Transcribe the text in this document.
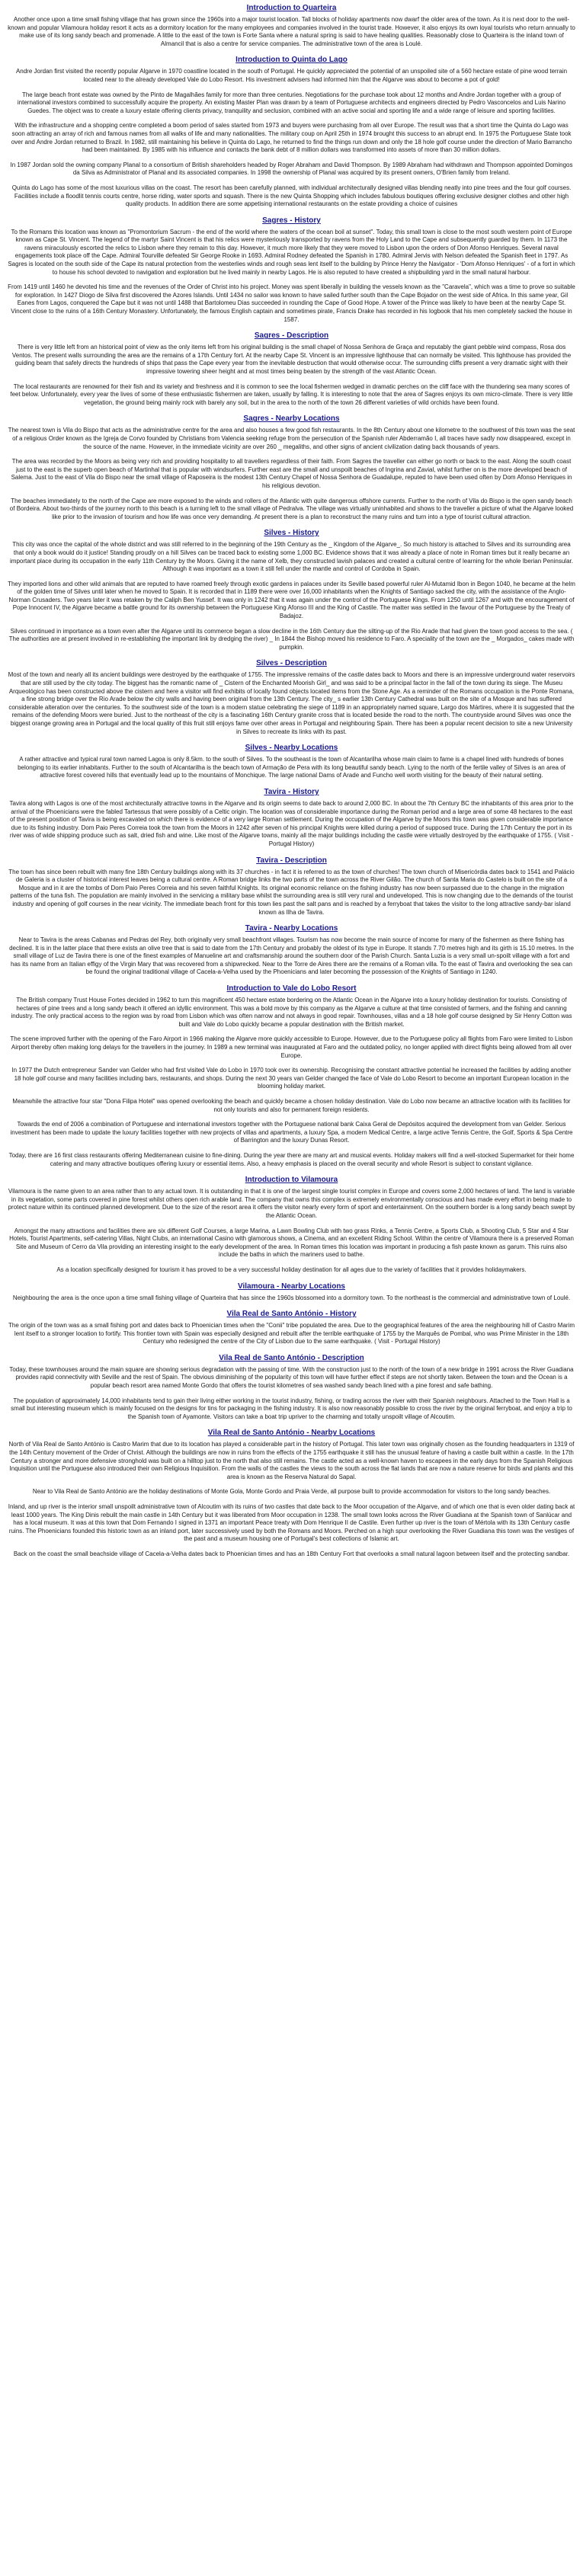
Introduction to Quarteira
Another once upon a time small fishing village that has grown since the 1960s into a major tourist location. Tall blocks of holiday apartments now dwarf the older area of the town. As it is next door to the well-known and popular Vilamoura holiday resort it acts as a dormitory location for the many employees and companies involved in the tourist trade. However, it also enjoys its own loyal tourists who return annually to make use of its long sandy beach and promenade. A little to the east of the town is Forte Santa where a natural spring is said to have healing qualities. Reasonably close to Quarteira is the inland town of Almancil that is also a centre for service companies. The administrative town of the area is Loulé.
Introduction to Quinta do Lago
Andre Jordan first visited the recently popular Algarve in 1970 coastline located in the south of Portugal. He quickly appreciated the potential of an unspoiled site of a 560 hectare estate of pine wood terrain located near to the already developed Vale do Lobo Resort. His investment advisers had informed him that the Algarve was about to become a pot of gold!
The large beach front estate was owned by the Pinto de Magalhães family for more than three centuries. Negotiations for the purchase took about 12 months and Andre Jordan together with a group of international investors combined to successfully acquire the property. An existing Master Plan was drawn by a team of Portuguese architects and engineers directed by Pedro Vasconcelos and Luis Narino Guedes. The object was to create a luxury estate offering clients privacy, tranquility and seclusion, combined with an active social and sporting life and a wide range of leisure and sporting facilities.
With the infrastructure and a shopping centre completed a boom period of sales started from 1973 and buyers were purchasing from all over Europe. The result was that a short time the Quinta do Lago was soon attracting an array of rich and famous names from all walks of life and many nationalities. The military coup on April 25th in 1974 brought this success to an abrupt end. In 1975 the Portuguese State took over and Andre Jordan returned to Brazil. In 1982, still maintaining his believe in Quinta do Lago, he returned to find the things run down and only the 18 hole golf course under the direction of Mario Barrancho had been maintained. By 1985 with his influence and contacts the bank debt of 8 million dollars was transformed into assets of more than 30 million dollars.
In 1987 Jordan sold the owning company Planal to a consortium of British shareholders headed by Roger Abraham and David Thompson. By 1989 Abraham had withdrawn and Thompson appointed Domingos da Silva as Administrator of Planal and its associated companies. In 1998 the ownership of Planal was acquired by its present owners, O'Brien family from Ireland.
Quinta do Lago has some of the most luxurious villas on the coast. The resort has been carefully planned, with individual architecturally designed villas blending neatly into pine trees and the four golf courses. Facilities include a floodlit tennis courts centre, horse riding, water sports and squash. There is the new Quinta Shopping which includes fabulous boutiques offering exclusive designer clothes and other high quality products. In addition there are some appetising international restaurants on the estate providing a choice of cuisines
Sagres - History
To the Romans this location was known as "Promontorium Sacrum - the end of the world where the waters of the ocean boil at sunset". Today, this small town is close to the most south western point of Europe known as Cape St. Vincent. The legend of the martyr Saint Vincent is that his relics were mysteriously transported by ravens from the Holy Land to the Cape and subsequently guarded by them. In 1173 the ravens miraculously escorted the relics to Lisbon where they remain to this day. However, it much more likely that they were moved to Lisbon upon the orders of Don Afonso Henriques. Several naval engagements took place off the Cape. Admiral Tourville defeated Sir George Rooke in 1693. Admiral Rodney defeated the Spanish in 1780. Admiral Jervis with Nelson defeated the Spanish fleet in 1797. As Sagres is located on the south side of the Cape its natural protection from the westerlies winds and rough seas lent itself to the building by Prince Henry the Navigator - 'Dom Afonso Henriques' - of a fort in which to house his school devoted to navigation and exploration but he lived mainly in nearby Lagos. He is also reputed to have created a shipbuilding yard in the small natural harbour.
From 1419 until 1460 he devoted his time and the revenues of the Order of Christ into his project. Money was spent liberally in building the vessels known as the "Caravela", which was a time to prove so suitable for exploration. In 1427 Diogo de Silva first discovered the Azores Islands. Until 1434 no sailor was known to have sailed further south than the Cape Bojador on the west side of Africa. In this same year, Gil Eanes from Lagos, conquered the Cape but it was not until 1488 that Bartolomeu Dias succeeded in rounding the Cape of Good Hope. A tower of the Prince was likely to have been at the nearby Cape St. Vincent close to the ruins of a 16th Century Monastery. Unfortunately, the famous English captain and sometimes pirate, Francis Drake has recorded in his logbook that his men completely sacked the house in 1587.
Sagres - Description
There is very little left from an historical point of view as the only items left from his original building is the small chapel of Nossa Senhora de Graça and reputably the giant pebble wind compass, Rosa dos Ventos. The present walls surrounding the area are the remains of a 17th Century fort. At the nearby Cape St. Vincent is an impressive lighthouse that can normally be visited. This lighthouse has provided the guiding beam that safely directs the hundreds of ships that pass the Cape every year from the inevitable destruction that would otherwise occur. The surrounding cliffs present a very dramatic sight with their impressive towering sheer height and at most times being beaten by the strength of the vast Atlantic Ocean.
The local restaurants are renowned for their fish and its variety and freshness and it is common to see the local fishermen wedged in dramatic perches on the cliff face with the thundering sea many scores of feet below. Unfortunately, every year the lives of some of these enthusiastic fishermen are taken, usually by falling. It is interesting to note that the area of Sagres enjoys its own micro-climate. There is very little vegetation, the ground being mainly rock with barely any soil, but in the area to the north of the town 26 different varieties of wild orchids have been found.
Sagres - Nearby Locations
The nearest town is Vila do Bispo that acts as the administrative centre for the area and also houses a few good fish restaurants. In the 8th Century about one kilometre to the southwest of this town was the seat of a religious Order known as the Igreja de Corvo founded by Christians from Valencia seeking refuge from the persecution of the Spanish ruler Abderramão I, all traces have sadly now disappeared, except in the source of the name. However, in the immediate vicinity are over 260 _ megaliths, and other signs of ancient civilization dating back thousands of years.
The area was recorded by the Moors as being very rich and providing hospitality to all travellers regardless of their faith. From Sagres the traveller can either go north or back to the east. Along the south coast just to the east is the superb open beach of Martinhal that is popular with windsurfers. Further east are the small and unspoilt beaches of Ingrina and Zavial, whilst further on is the more developed beach of Salema. Just to the east of Vila do Bispo near the small village of Raposeira is the modest 13th Century Chapel of Nossa Senhora de Guadalupe, reputed to have been used often by Dom Afonso Henriques in his religious devotion.
The beaches immediately to the north of the Cape are more exposed to the winds and rollers of the Atlantic with quite dangerous offshore currents. Further to the north of Vila do Bispo is the open sandy beach of Bordeira. About two-thirds of the journey north to this beach is a turning left to the small village of Pedralva. The village was virtually uninhabited and shows to the traveller a picture of what the Algarve looked like prior to the invasion of tourism and how life was once very demanding. At present there is a plan to reconstruct the many ruins and turn into a type of tourist cultural attraction.
Silves - History
This city was once the capital of the whole district and was still referred to in the beginning of the 19th Century as the _ Kingdom of the Algarve_. So much history is attached to Silves and its surrounding area that only a book would do it justice! Standing proudly on a hill Silves can be traced back to existing some 1,000 BC. Evidence shows that it was already a place of note in Roman times but it really became an important place during its occupation in the early 11th Century by the Moors. Giving it the name of Xelb, they constructed lavish palaces and created a cultural centre of learning for the whole Iberian Peninsular. Although it was important as a town it still fell under the mantle and control of Cordoba in Spain.
They imported lions and other wild animals that are reputed to have roamed freely through exotic gardens in palaces under its Seville based powerful ruler Al-Mutamid Ibon in Begon 1040, he became at the helm of the golden time of Silves until later when he moved to Spain. It is recorded that in 1189 there were over 16,000 inhabitants when the Knights of Santiago sacked the city, with the assistance of the Anglo-Norman Crusaders. Two years later it was retaken by the Caliph Ben Yussef. It was only in 1242 that it was again under the control of the Portuguese Kings. From 1250 until 1267 and with the encouragement of Pope Innocent IV, the Algarve became a battle ground for its ownership between the Portuguese King Afonso III and the King of Castile. The matter was settled in the favour of the Portuguese by the Treaty of Badajoz.
Silves continued in importance as a town even after the Algarve until its commerce began a slow decline in the 16th Century due the silting-up of the Rio Arade that had given the town good access to the sea. ( The authorities are at present involved in re-establishing the important link by dredging the river) _ In 1844 the Bishop moved his residence to Faro. A speciality of the town are the _ Morgados_ cakes made with pumpkin.
Silves - Description
Most of the town and nearly all its ancient buildings were destroyed by the earthquake of 1755. The impressive remains of the castle dates back to Moors and there is an impressive underground water reservoirs that are still used by the city today. The biggest has the romantic name of _ Cistern of the Enchanted Moorish Girl_ and was said to be a principal factor in the fall of the town during its siege. The Museu Arqueológico has been constructed above the cistern and here a visitor will find exhibits of locally found objects located items from the Stone Age. As a reminder of the Romans occupation is the Ponte Romana, a fine strong bridge over the Rio Arade below the city walls and having been original from the 13th Century. The city_ s earlier 13th Century Cathedral was built on the site of a Mosque and has suffered considerable alteration over the centuries. To the southwest side of the town is a modern statue celebrating the siege of 1189 in an appropriately named square, Largo dos Mártires, where it is suggested that the remains of the defending Moors were buried. Just to the northeast of the city is a fascinating 16th Century granite cross that is located beside the road to the north. The countryside around Silves was once the biggest orange growing area in Portugal and the local quality of this fruit still enjoys fame over other areas in Portugal and neighbouring Spain. There has been a popular recent decision to site a new University in Silves to recreate its links with its past.
Silves - Nearby Locations
A rather attractive and typical rural town named Lagoa is only 8.5km. to the south of Silves. To the southeast is the town of Alcantarilha whose main claim to fame is a chapel lined with hundreds of bones belonging to its earlier inhabitants. Further to the south of Alcantarilha is the beach town of Armação de Pera with its long beautiful sandy beach. Lying to the north of the fertile valley of Silves is an area of attractive forest covered hills that eventually lead up to the mountains of Monchique. The large national Dams of Arade and Funcho well worth visiting for the beauty of their natural setting.
Tavira - History
Tavira along with Lagos is one of the most architecturally attractive towns in the Algarve and its origin seems to date back to around 2,000 BC. In about the 7th Century BC the inhabitants of this area prior to the arrival of the Phoenicians were the fabled Tartessus that were possibly of a Celtic origin. The location was of considerable importance during the Roman period and a large area of some 48 hectares to the east of the present position of Tavira is being excavated on which there is evidence of a very large Roman settlement. During the occupation of the Algarve by the Moors this town was given considerable importance due to its fishing industry. Dom Paio Peres Correia took the town from the Moors in 1242 after seven of his principal Knights were killed during a period of supposed truce. During the 17th Century the port in its river was of wide shipping produce such as salt, dried fish and wine. Like most of the Algarve towns, mainly all the major buildings including the castle were virtually destroyed by the earthquake of 1755. ( Visit - Portugal History)
Tavira - Description
The town has since been rebuilt with many fine 18th Century buildings along with its 37 churches - in fact it is referred to as the town of churches! The town church of Misericórdia dates back to 1541 and Palácio de Galeria is a cluster of historical interest leaves being a cultural centre. A Roman bridge links the two parts of the town across the River Gilão. The church of Santa Maria do Castelo is built on the site of a Mosque and in it are the tombs of Dom Paio Peres Correia and his seven faithful Knights. Its original economic reliance on the fishing industry has now been surpassed due to the change in the migration patterns of the tuna fish. The population are mainly involved in the servicing a military base whilst the surrounding area is still very rural and undeveloped. This is now changing due to the demands of the tourist industry and opening of golf courses in the near vicinity. The immediate beach front for this town lies past the salt pans and is reached by a ferryboat that takes the visitor to the long attractive sandy-bar island known as Ilha de Tavira.
Tavira - Nearby Locations
Near to Tavira is the areas Cabanas and Pedras del Rey, both originally very small beachfront villages. Tourism has now become the main source of income for many of the fishermen as there fishing has declined. It is in the latter place that there exists an olive tree that is said to date from the 17th Century and probably the oldest of its type in Europe. It stands 7.70 metres high and its girth is 15.10 metres. In the small village of Luz de Tavira there is one of the finest examples of Manueline art and craftsmanship around the southern door of the Parish Church. Santa Luzia is a very small un-spoilt village with a fort and has its name from an Italian effigy of the Virgin Mary that was recovered from a shipwrecked. Near to the Torre de Aires there are the remains of a Roman villa. To the east of Tavira and overlooking the sea can be found the original traditional village of Cacela-a-Velha used by the Phoenicians and later becoming the possession of the Knights of Santiago in 1240.
Introduction to Vale do Lobo Resort
The British company Trust House Fortes decided in 1962 to turn this magnificent 450 hectare estate bordering on the Atlantic Ocean in the Algarve into a luxury holiday destination for tourists. Consisting of hectares of pine trees and a long sandy beach it offered an idyllic environment. This was a bold move by this company as the Algarve a culture at that time consisted of farmers, and the fishing and canning industry. The only practical access to the region was by road from Lisbon which was often narrow and not always in good repair. Townhouses, villas and a 18 hole golf course designed by Sir Henry Cotton was built and Vale do Lobo quickly became a popular destination with the British market.
The scene improved further with the opening of the Faro Airport in 1966 making the Algarve more quickly accessible to Europe. However, due to the Portuguese policy all flights from Faro were limited to Lisbon Airport thereby often making long delays for the travellers in the journey. In 1989 a new terminal was inaugurated at Faro and the outdated policy, no longer applied with direct flights being allowed from all over Europe.
In 1977 the Dutch entrepreneur Sander van Gelder who had first visited Vale do Lobo in 1970 took over its ownership. Recognising the constant attractive potential he increased the facilities by adding another 18 hole golf course and many facilities including bars, restaurants, and shops. During the next 30 years van Gelder changed the face of Vale do Lobo Resort to become an important European location in the blooming holiday market.
Meanwhile the attractive four star "Dona Filipa Hotel" was opened overlooking the beach and quickly became a chosen holiday destination. Vale do Lobo now became an attractive location with its facilities for not only tourists and also for permanent foreign residents.
Towards the end of 2006 a combination of Portuguese and international investors together with the Portuguese national bank Caixa Geral de Depósitos acquired the development from van Gelder. Serious investment has been made to update the luxury facilities together with new projects of villas and apartments, a luxury Spa, a modern Medical Centre, a large active Tennis Centre, the Golf, Sports & Spa Centre of Barrington and the luxury Dunas Resort.
Today, there are 16 first class restaurants offering Mediterranean cuisine to fine-dining. During the year there are many art and musical events. Holiday makers will find a well-stocked Supermarket for their home catering and many attractive boutiques offering luxury or essential items. Also, a heavy emphasis is placed on the overall security and whole Resort is subject to constant vigilance.
Introduction to Vilamoura
Vilamoura is the name given to an area rather than to any actual town. It is outstanding in that it is one of the largest single tourist complex in Europe and covers some 2,000 hectares of land. The land is variable in its vegetation, some parts covered in pine forest whilst others open rich arable land. The company that owns this complex is extremely environmentally conscious and has made every effort in being made to protect nature within its continued planned development. Due to the size of the resort area it offers the visitor nearly every form of sport and entertainment. On the southern border is a long sandy beach swept by the Atlantic Ocean.
Amongst the many attractions and facilities there are six different Golf Courses, a large Marina, a Lawn Bowling Club with two grass Rinks, a Tennis Centre, a Sports Club, a Shooting Club, 5 Star and 4 Star Hotels, Tourist Apartments, self-catering Villas, Night Clubs, an international Casino with glamorous shows, a Cinema, and an excellent Riding School. Within the centre of Vilamoura there is a preserved Roman Site and Museum of Cerro da Vila providing an interesting insight to the early development of the area. In Roman times this location was important in producing a fish paste known as garum. This ruins also include the baths in which the mariners used to bathe.
As a location specifically designed for tourism it has proved to be a very successful holiday destination for all ages due to the variety of facilities that it provides holidaymakers.
Vilamoura - Nearby Locations
Neighbouring the area is the once upon a time small fishing village of Quarteira that has since the 1960s blossomed into a dormitory town. To the northeast is the commercial and administrative town of Loulé.
Vila Real de Santo António - History
The origin of the town was as a small fishing port and dates back to Phoenician times when the "Conii" tribe populated the area. Due to the geographical features of the area the neighbouring hill of Castro Marim lent itself to a stronger location to fortify. This frontier town with Spain was especially designed and rebuilt after the terrible earthquake of 1755 by the Marquês de Pombal, who was Prime Minister in the 18th Century who redesigned the centre of the City of Lisbon due to the same earthquake. ( Visit - Portugal History)
Vila Real de Santo António - Description
Today, these townhouses around the main square are showing serious degradation with the passing of time. With the construction just to the north of the town of a new bridge in 1991 across the River Guadiana provides rapid connectivity with Seville and the rest of Spain. The obvious diminishing of the popularity of this town will have further effect if steps are not shortly taken. Between the town and the Ocean is a popular beach resort area named Monte Gordo that offers the tourist kilometres of sea washed sandy beach lined with a pine forest and safe bathing.
The population of approximately 14,000 inhabitants tend to gain their living either working in the tourist industry, fishing, or trading across the river with their Spanish neighbours. Attached to the Town Hall is a small but interesting museum which is mainly focused on the designs for tins for packaging in the fishing industry. It is also now reasonably possible to cross the river by the original ferryboat, and enjoy a trip to the Spanish town of Ayamonte. Visitors can take a boat trip upriver to the charming and totally unspoilt village of Alcoutim.
Vila Real de Santo António - Nearby Locations
North of Vila Real de Santo António is Castro Marim that due to its location has played a considerable part in the history of Portugal. This later town was originally chosen as the founding headquarters in 1319 of the 14th Century movement of the Order of Christ. Although the buildings are now in ruins from the effects of the 1755 earthquake it still has the unusual feature of having a castle built within a castle. In the 17th Century a stronger and more defensive stronghold was built on a hilltop just to the north that also still remains. The castle acted as a well-known haven to escapees in the early days from the Spanish Religious Inquisition until the Portuguese also introduced their own Religious Inquisition. From the walls of the castles the views to the south across the flat lands that are now a nature reserve for birds and plants and this area is known as the Reserva Natural do Sapal.
Near to Vila Real de Santo António are the holiday destinations of Monte Gola, Monte Gordo and Praia Verde, all purpose built to provide accommodation for visitors to the long sandy beaches.
Inland, and up river is the interior small unspoilt administrative town of Alcoutim with its ruins of two castles that date back to the Moor occupation of the Algarve, and of which one that is even older dating back at least 1000 years. The King Dinis rebuilt the main castle in 14th Century but it was liberated from Moor occupation in 1238. The small town looks across the River Guadiana at the Spanish town of Sanlúcar and has a local museum. It was at this town that Dom Fernando I signed in 1371 an important Peace treaty with Dom Henrique II de Castile. Even further up river is the town of Mértola with its 13th Century castle ruins. The Phoenicians founded this historic town as an inland port, later successively used by both the Romans and Moors. Perched on a high spur overlooking the River Guadiana this town was the vestiges of the past and a museum housing one of Portugal's best collections of Islamic art.
Back on the coast the small beachside village of Cacela-a-Velha dates back to Phoenician times and has an 18th Century Fort that overlooks a small natural lagoon between itself and the protecting sandbar.
